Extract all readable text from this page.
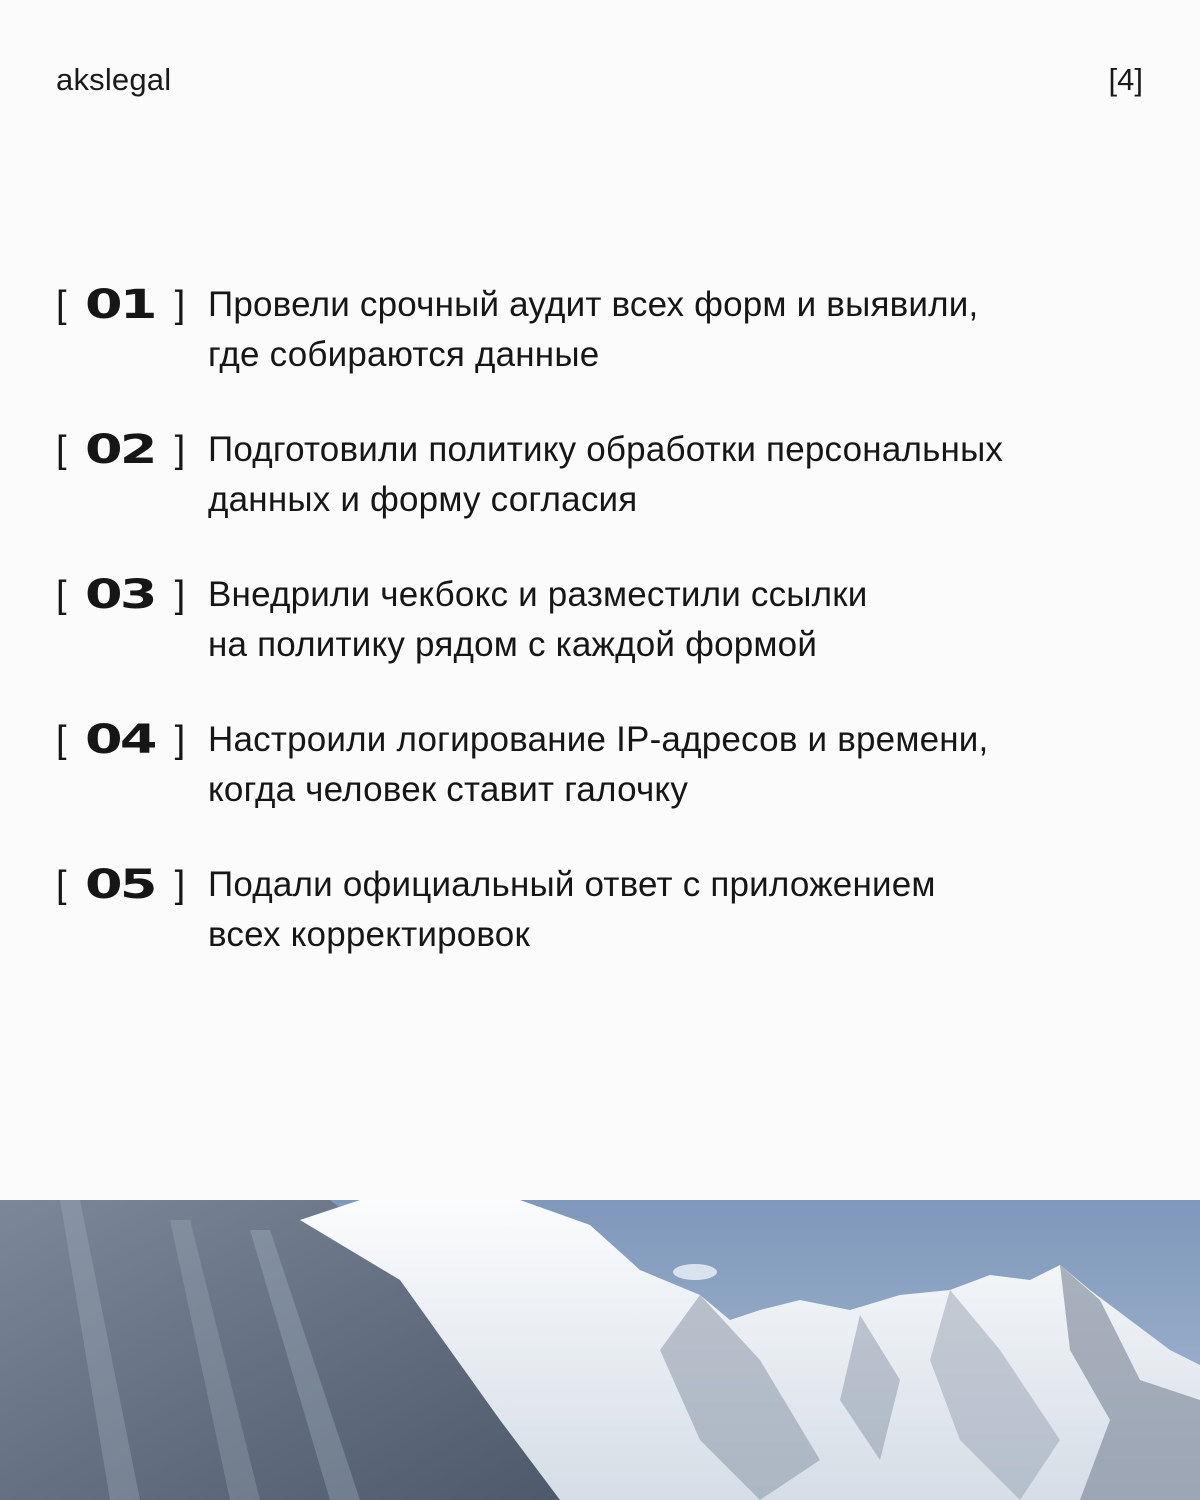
akslegal	[4]
[ 01 ] Провели срочный аудит всех форм и выявили,
где собираются данные
[ 02 ] Подготовили политику обработки персональных
данных и форму согласия
[ 03 ] Внедрили чекбокс и разместили ссылки
на политику рядом с каждой формой
[ 04 ] Настроили логирование IP-адресов и времени,
когда человек ставит галочку
[ 05 ] Подали официальный ответ с приложением
всех корректировок
